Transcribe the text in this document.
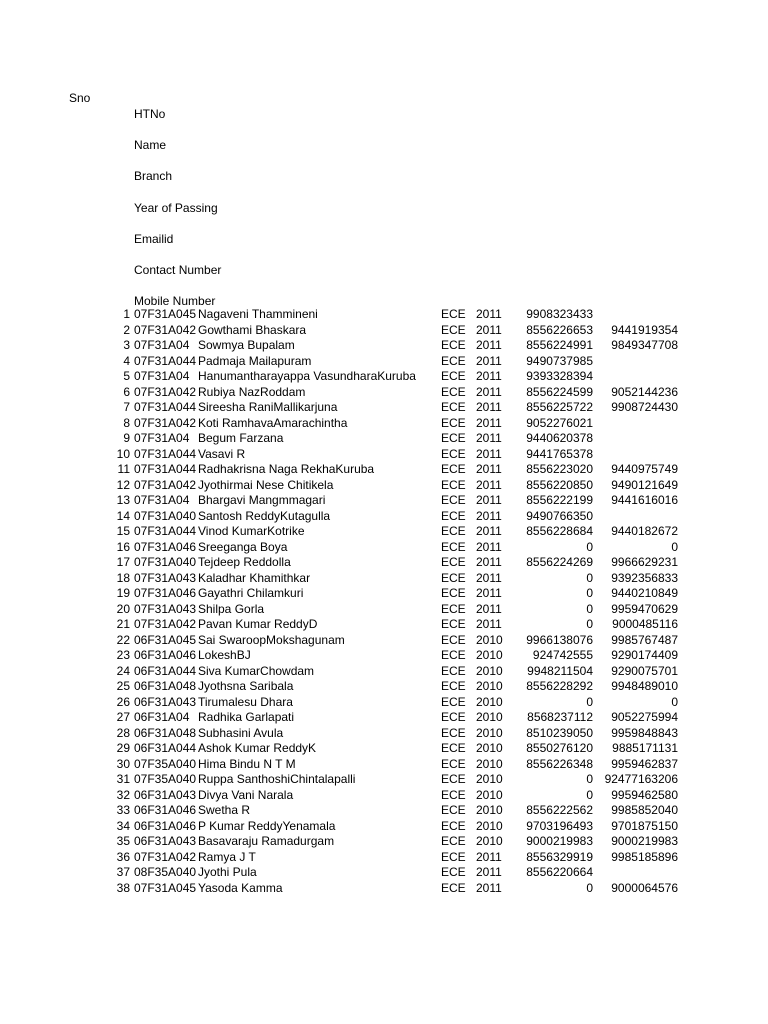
Sno
HTNo
Name
Branch
Year of Passing
Emailid
Contact Number
Mobile Number
1 07F31A045 Nagaveni Thammineni	ECE 2011	9908323433
2 07F31A042 Gowthami Bhaskara	ECE 2011	8556226653	9441919354
3 07F31A04 Sowmya Bupalam	ECE 2011	8556224991	9849347708
4 07F31A044 Padmaja Mailapuram	ECE 2011	9490737985
5 07F31A04 Hanumantharayappa VasundharaKuruba	ECE 2011	9393328394
6 07F31A042 Rubiya NazRoddam	ECE 2011	8556224599	9052144236
7 07F31A044 Sireesha RaniMallikarjuna	ECE 2011	8556225722	9908724430
8 07F31A042 Koti RamhavaAmarachintha	ECE 2011	9052276021
9 07F31A04 Begum Farzana	ECE 2011	9440620378
10 07F31A044 Vasavi R	ECE 2011	9441765378
11 07F31A044 Radhakrisna Naga RekhaKuruba	ECE 2011	8556223020	9440975749
12 07F31A042 Jyothirmai Nese Chitikela	ECE 2011	8556220850	9490121649
13 07F31A04 Bhargavi Mangmmagari	ECE 2011	8556222199	9441616016
14 07F31A040 Santosh ReddyKutagulla	ECE 2011	9490766350
15 07F31A044 Vinod KumarKotrike	ECE 2011	8556228684	9440182672
16 07F31A046 Sreeganga Boya	ECE 2011	0	0
17 07F31A040 Tejdeep Reddolla	ECE 2011	8556224269	9966629231
18 07F31A043 Kaladhar Khamithkar	ECE 2011	0	9392356833
19 07F31A046 Gayathri Chilamkuri	ECE 2011	0	9440210849
20 07F31A043 Shilpa Gorla	ECE 2011	0	9959470629
21 07F31A042 Pavan Kumar ReddyD	ECE 2011	0	9000485116
22 06F31A045 Sai SwaroopMokshagunam	ECE 2010	9966138076	9985767487
23 06F31A046 LokeshBJ	ECE 2010	924742555	9290174409
24 06F31A044 Siva KumarChowdam	ECE 2010	9948211504	9290075701
25 06F31A048 Jyothsna Saribala	ECE 2010	8556228292	9948489010
26 06F31A043 Tirumalesu Dhara	ECE 2010	0	0
27 06F31A04 Radhika Garlapati	ECE 2010	8568237112	9052275994
28 06F31A048 Subhasini Avula	ECE 2010	8510239050	9959848843
29 06F31A044 Ashok Kumar ReddyK	ECE 2010	8550276120	9885171131
30 07F35A040 Hima Bindu N T M	ECE 2010	8556226348	9959462837
31 07F35A040 Ruppa SanthoshiChintalapalli	ECE 2010	0 92477163206
32 06F31A043 Divya Vani Narala	ECE 2010	0	9959462580
33 06F31A046 Swetha R	ECE 2010	8556222562	9985852040
34 06F31A046 P Kumar ReddyYenamala	ECE 2010	9703196493	9701875150
35 06F31A043 Basavaraju Ramadurgam	ECE 2010	9000219983	9000219983
36 07F31A042 Ramya J T	ECE 2011	8556329919	9985185896
37 08F35A040 Jyothi Pula	ECE 2011	8556220664
38 07F31A045 Yasoda Kamma	ECE 2011	0	9000064576
